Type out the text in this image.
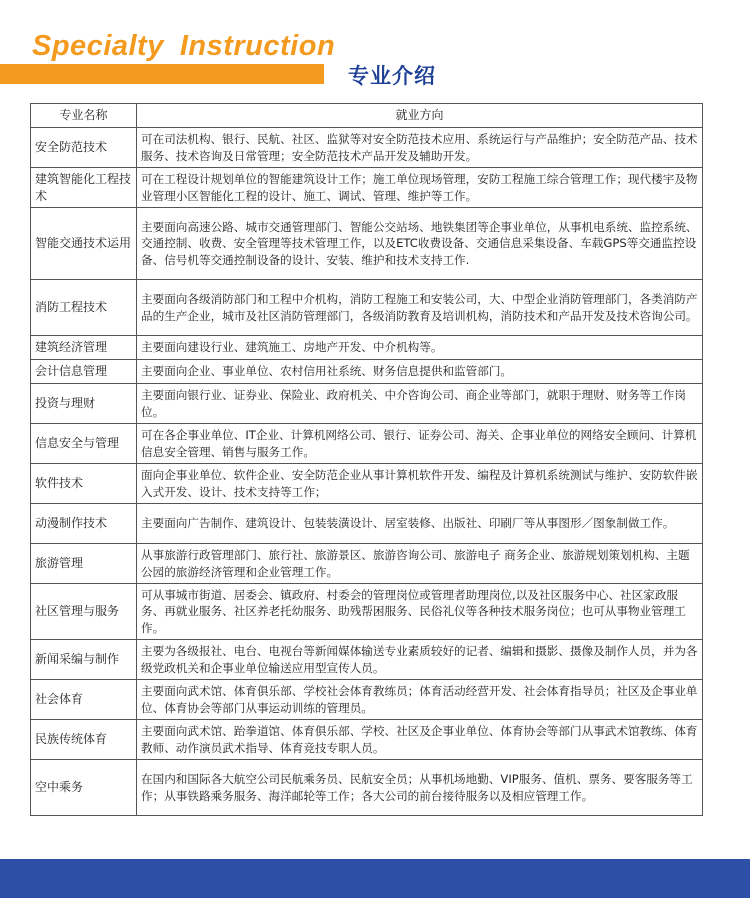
Specialty Instruction
专业介绍
专业名称	就业方向
安全防范技术	可在司法机构、银行、民航、社区、监狱等对安全防范技术应用、系统运行与产品维护；安全防范产品、技术服务、技术咨询及日常管理；安全防范技术产品开发及辅助开发。
建筑智能化工程技术	可在工程设计规划单位的智能建筑设计工作；施工单位现场管理，安防工程施工综合管理工作；现代楼宇及物业管理小区智能化工程的设计、施工、调试、管理、维护等工作。
智能交通技术运用	主要面向高速公路、城市交通管理部门、智能公交站场、地铁集团等企事业单位，从事机电系统、监控系统、交通控制、收费、安全管理等技术管理工作，以及ETC收费设备、交通信息采集设备、车载GPS等交通监控设备、信号机等交通控制设备的设计、安装、维护和技术支持工作.
消防工程技术	主要面向各级消防部门和工程中介机构，消防工程施工和安装公司，大、中型企业消防管理部门，各类消防产品的生产企业，城市及社区消防管理部门，各级消防教育及培训机构，消防技术和产品开发及技术咨询公司。
建筑经济管理	主要面向建设行业、建筑施工、房地产开发、中介机构等。
会计信息管理	主要面向企业、事业单位、农村信用社系统、财务信息提供和监管部门。
投资与理财	主要面向银行业、证券业、保险业、政府机关、中介咨询公司、商企业等部门，就职于理财、财务等工作岗位。
信息安全与管理	可在各企事业单位、IT企业、计算机网络公司、银行、证券公司、海关、企事业单位的网络安全顾问、计算机信息安全管理、销售与服务工作。
软件技术	面向企事业单位、软件企业、安全防范企业从事计算机软件开发、编程及计算机系统测试与维护、安防软件嵌入式开发、设计、技术支持等工作；
动漫制作技术	主要面向广告制作、建筑设计、包装装潢设计、居室装修、出版社、印刷厂等从事图形／图象制做工作。
旅游管理	从事旅游行政管理部门、旅行社、旅游景区、旅游咨询公司、旅游电子 商务企业、旅游规划策划机构、主题公园的旅游经济管理和企业管理工作。
社区管理与服务	可从事城市街道、居委会、镇政府、村委会的管理岗位或管理者助理岗位,以及社区服务中心、社区家政服务、再就业服务、社区养老托幼服务、助残帮困服务、民俗礼仪等各种技术服务岗位；也可从事物业管理工作。
新闻采编与制作	主要为各级报社、电台、电视台等新闻媒体输送专业素质较好的记者、编辑和摄影、摄像及制作人员，并为各级党政机关和企事业单位输送应用型宣传人员。
社会体育	主要面向武术馆、体育俱乐部、学校社会体育教练员；体育活动经营开发、社会体育指导员；社区及企事业单位、体育协会等部门从事运动训练的管理员。
民族传统体育	主要面向武术馆、跆拳道馆、体育俱乐部、学校、社区及企事业单位、体育协会等部门从事武术馆教练、体育教师、动作演员武术指导、体育竞技专职人员。
空中乘务	在国内和国际各大航空公司民航乘务员、民航安全员；从事机场地勤、VIP服务、值机、票务、要客服务等工作；从事铁路乘务服务、海洋邮轮等工作；各大公司的前台接待服务以及相应管理工作。
